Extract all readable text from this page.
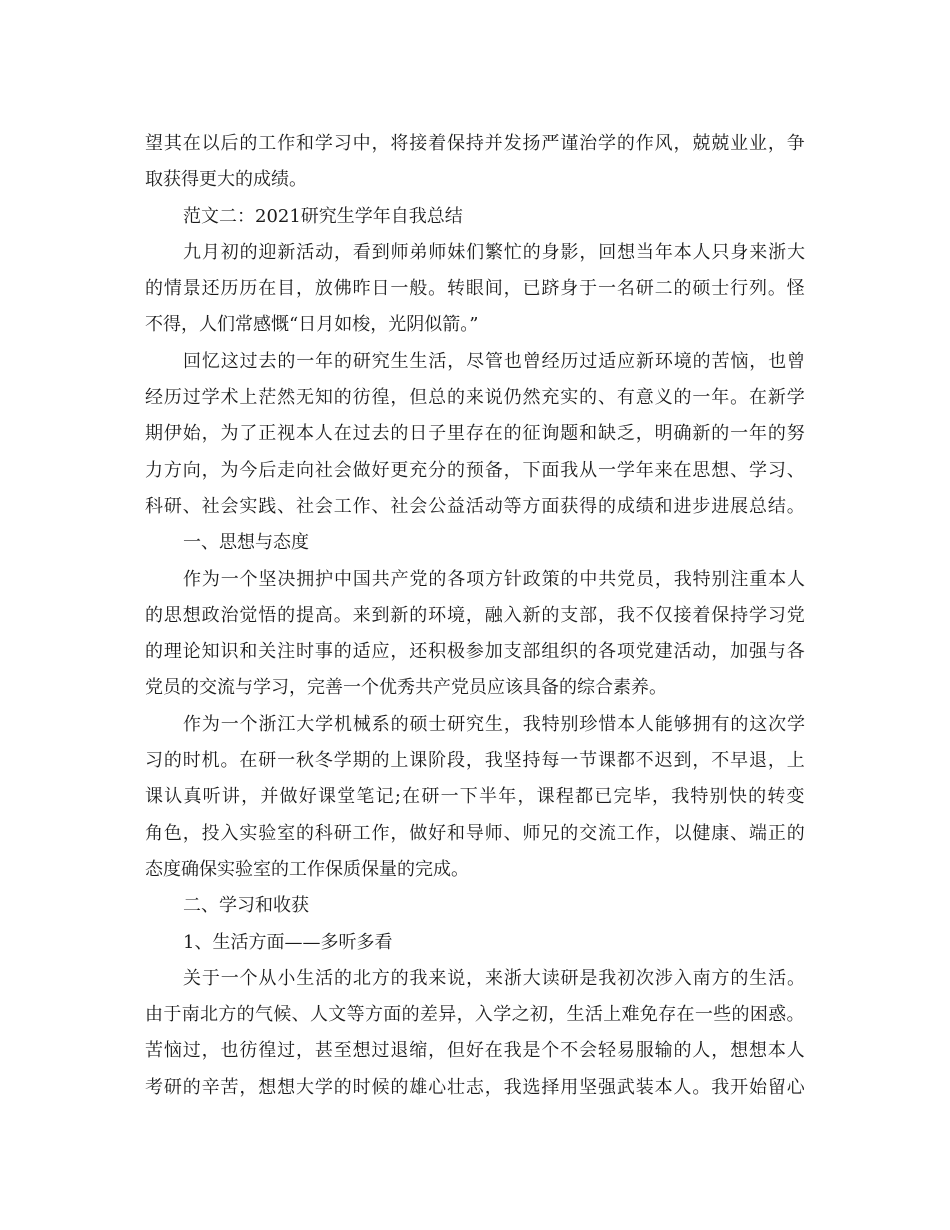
望 其 在 以 后 的 工 作 和 学 习 中 ， 将 接 着 保 持 并 发 扬 严 谨 治 学 的 作 风 ， 兢 兢 业 业 ， 争
取获得更大的成绩。
范文二：2021研究生学年自我总结
九 月 初 的 迎 新 活 动 ， 看 到 师 弟 师 妹 们 繁 忙 的 身 影 ， 回 想 当 年 本 人 只 身 来 浙 大
的 情 景 还 历 历 在 目 ， 放 佛 昨 日 一 般 。 转 眼 间 ， 已 跻 身 于 一 名 研 二 的 硕 士 行 列 。 怪
不得，人们常感慨“日月如梭，光阴似箭。”
回 忆 这 过 去 的 一 年 的 研 究 生 生 活 ， 尽 管 也 曾 经 历 过 适 应 新 环 境 的 苦 恼 ， 也 曾
经 历 过 学 术 上 茫 然 无 知 的 彷 徨 ， 但 总 的 来 说 仍 然 充 实 的 、 有 意 义 的 一 年 。 在 新 学
期 伊 始 ， 为 了 正 视 本 人 在 过 去 的 日 子 里 存 在 的 征 询 题 和 缺 乏 ， 明 确 新 的 一 年 的 努
力 方 向 ， 为 今 后 走 向 社 会 做 好 更 充 分 的 预 备 ， 下 面 我 从 一 学 年 来 在 思 想 、 学 习 、
科 研 、 社 会 实 践 、 社 会 工 作 、 社 会 公 益 活 动 等 方 面 获 得 的 成 绩 和 进 步 进 展 总 结 。
一、思想与态度
作 为 一 个 坚 决 拥 护 中 国 共 产 党 的 各 项 方 针 政 策 的 中 共 党 员 ， 我 特 别 注 重 本 人
的 思 想 政 治 觉 悟 的 提 高 。 来 到 新 的 环 境 ， 融 入 新 的 支 部 ， 我 不 仅 接 着 保 持 学 习 党
的 理 论 知 识 和 关 注 时 事 的 适 应 ， 还 积 极 参 加 支 部 组 织 的 各 项 党 建 活 动 ， 加 强 与 各
党员的交流与学习，完善一个优秀共产党员应该具备的综合素养。
作 为 一 个 浙 江 大 学 机 械 系 的 硕 士 研 究 生 ， 我 特 别 珍 惜 本 人 能 够 拥 有 的 这 次 学
习 的 时 机 。 在 研 一 秋 冬 学 期 的 上 课 阶 段 ， 我 坚 持 每 一 节 课 都 不 迟 到 ， 不 早 退 ， 上
课 认 真 听 讲 ， 并 做 好 课 堂 笔 记 ; 在 研 一 下 半 年 ， 课 程 都 已 完 毕 ， 我 特 别 快 的 转 变
角 色 ， 投 入 实 验 室 的 科 研 工 作 ， 做 好 和 导 师 、 师 兄 的 交 流 工 作 ， 以 健 康 、 端 正 的
态度确保实验室的工作保质保量的完成。
二、学习和收获
1、生活方面——多听多看
关 于 一 个 从 小 生 活 的 北 方 的 我 来 说 ， 来 浙 大 读 研 是 我 初 次 涉 入 南 方 的 生 活 。
由 于 南 北 方 的 气 候 、 人 文 等 方 面 的 差 异 ， 入 学 之 初 ， 生 活 上 难 免 存 在 一 些 的 困 惑 。
苦 恼 过 ， 也 彷 徨 过 ， 甚 至 想 过 退 缩 ， 但 好 在 我 是 个 不 会 轻 易 服 输 的 人 ， 想 想 本 人
考 研 的 辛 苦 ， 想 想 大 学 的 时 候 的 雄 心 壮 志 ， 我 选 择 用 坚 强 武 装 本 人 。 我 开 始 留 心
